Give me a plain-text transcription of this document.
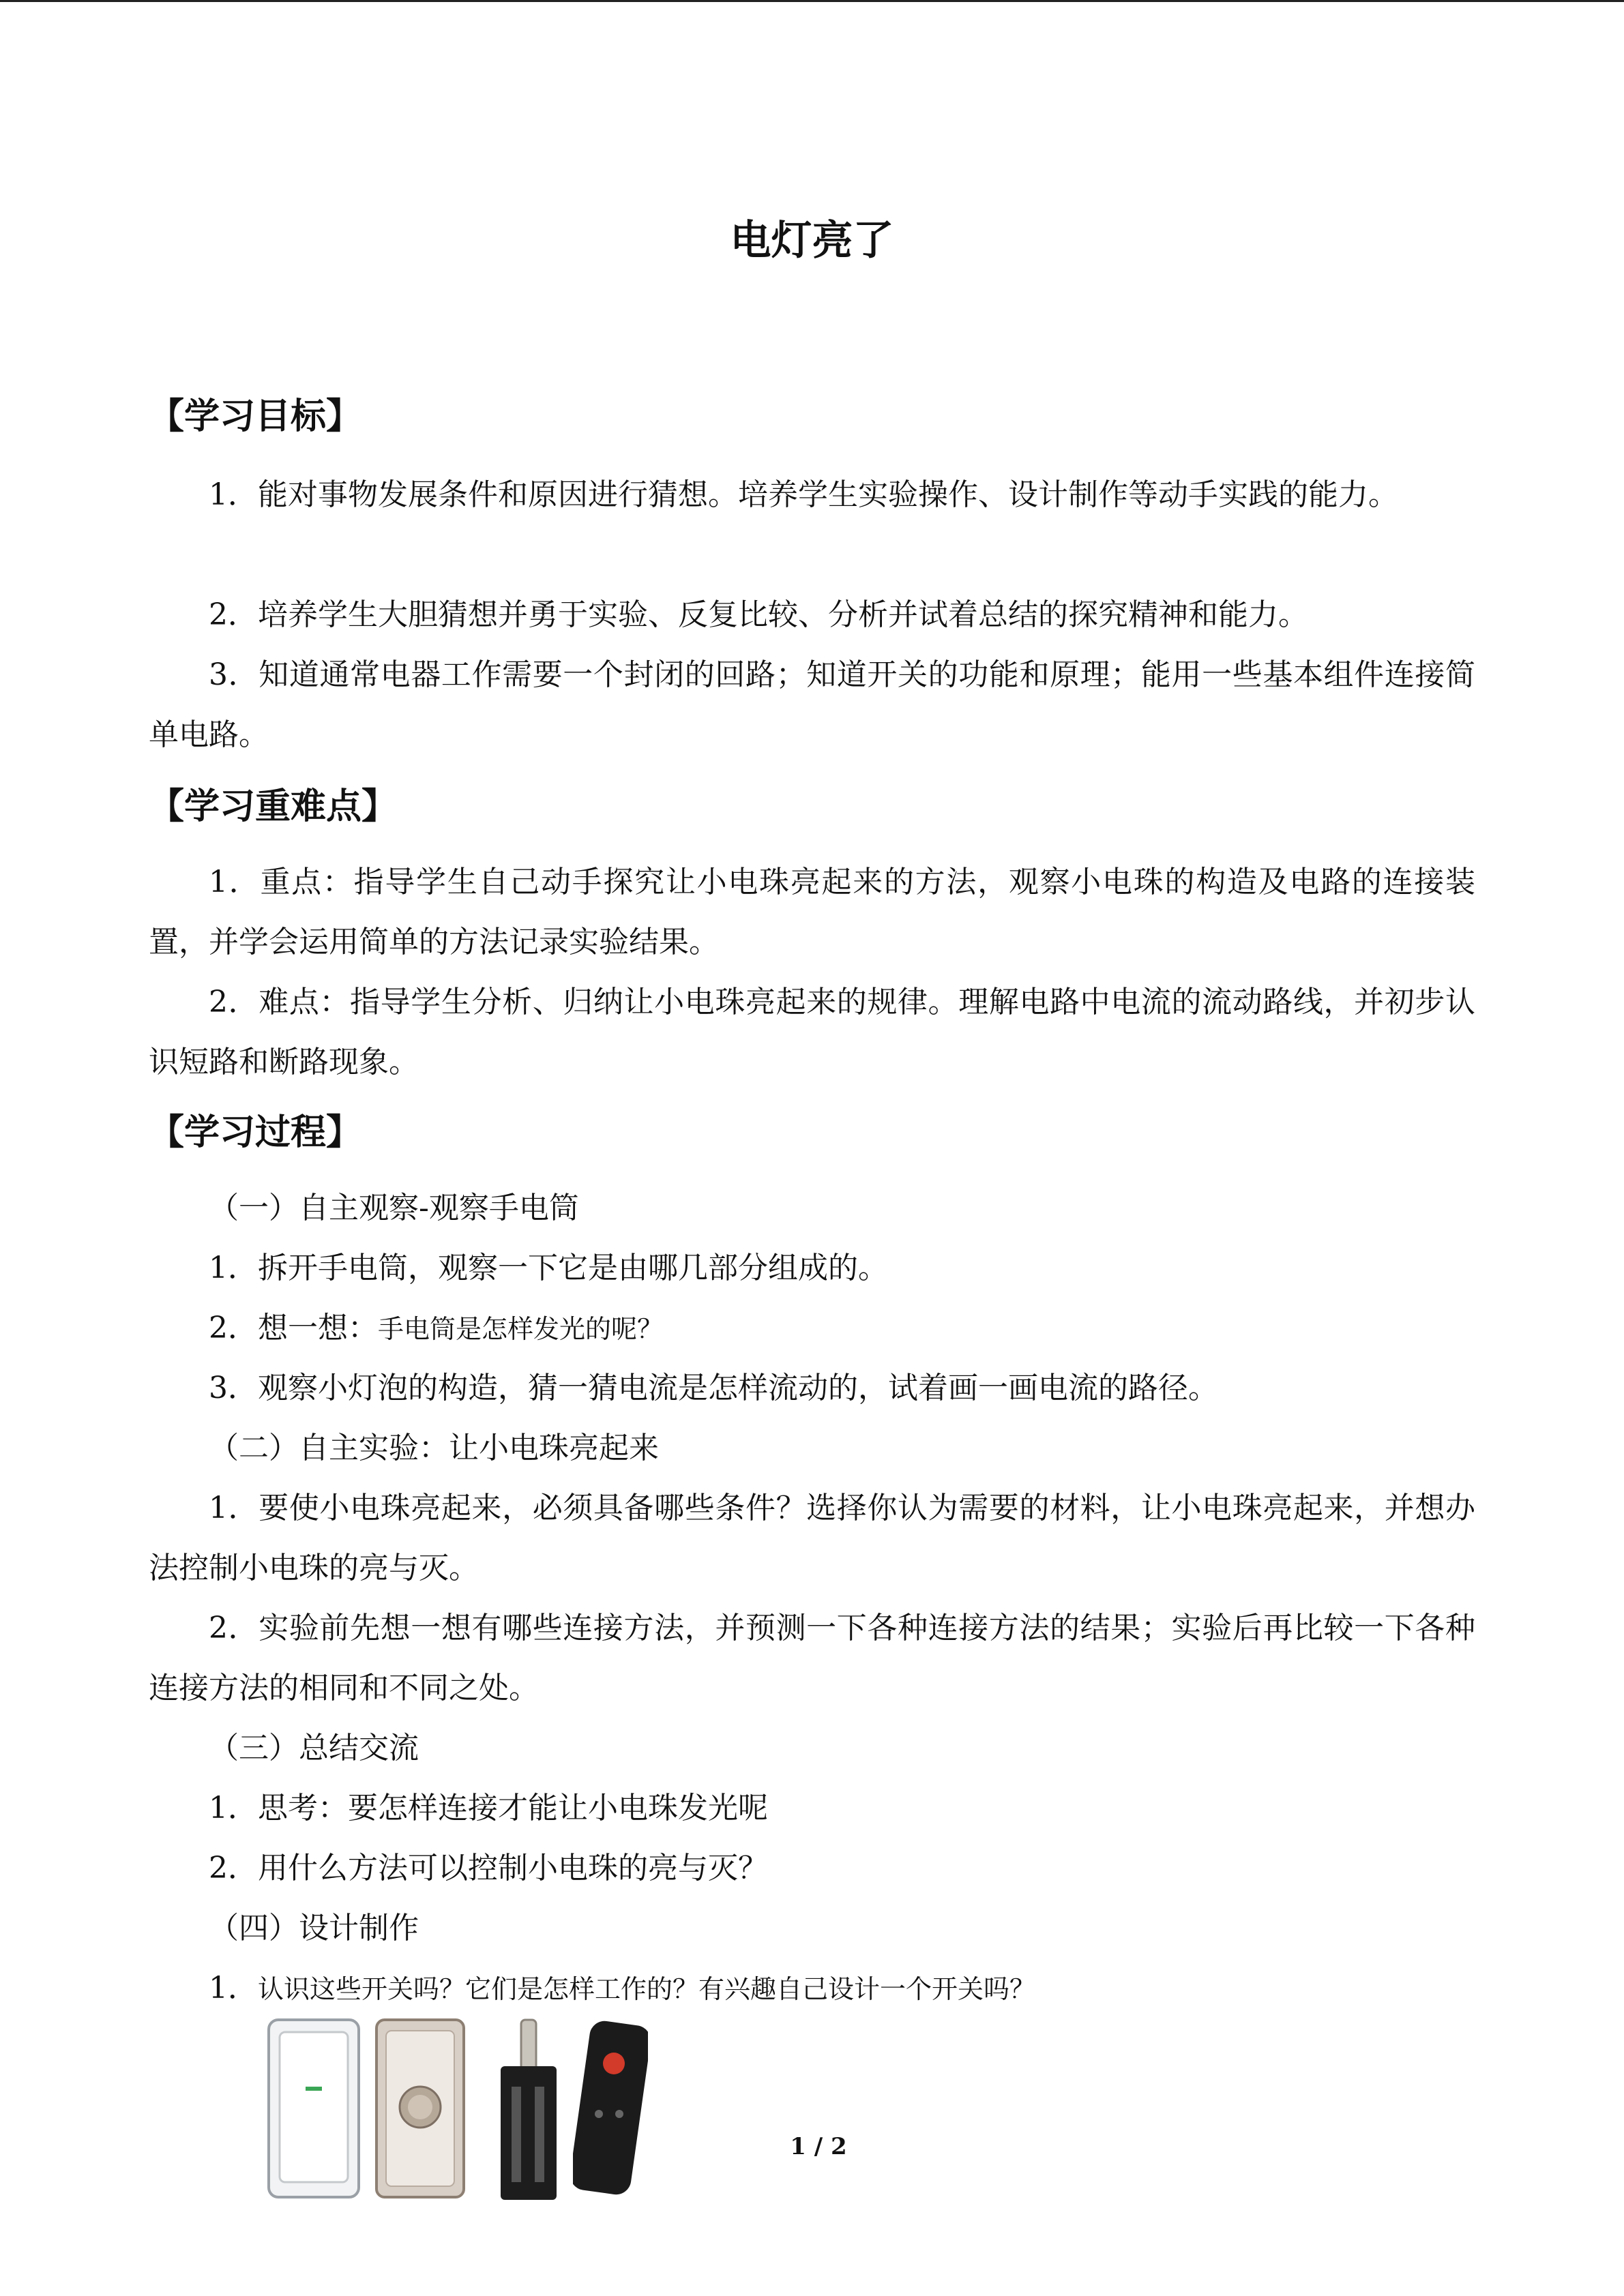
电灯亮了
【学习目标】
1．能对事物发展条件和原因进行猜想。培养学生实验操作、设计制作等动手实践的能力。
2．培养学生大胆猜想并勇于实验、反复比较、分析并试着总结的探究精神和能力。
3．知道通常电器工作需要一个封闭的回路；知道开关的功能和原理；能用一些基本组件连接简单电路。
【学习重难点】
1．重点：指导学生自己动手探究让小电珠亮起来的方法，观察小电珠的构造及电路的连接装置，并学会运用简单的方法记录实验结果。
2．难点：指导学生分析、归纳让小电珠亮起来的规律。理解电路中电流的流动路线，并初步认识短路和断路现象。
【学习过程】
（一）自主观察-观察手电筒
1．拆开手电筒，观察一下它是由哪几部分组成的。
2．想一想：手电筒是怎样发光的呢？
3．观察小灯泡的构造，猜一猜电流是怎样流动的，试着画一画电流的路径。
（二）自主实验：让小电珠亮起来
1．要使小电珠亮起来，必须具备哪些条件？选择你认为需要的材料，让小电珠亮起来，并想办法控制小电珠的亮与灭。
2．实验前先想一想有哪些连接方法，并预测一下各种连接方法的结果；实验后再比较一下各种连接方法的相同和不同之处。
（三）总结交流
1．思考：要怎样连接才能让小电珠发光呢
2．用什么方法可以控制小电珠的亮与灭？
（四）设计制作
1．认识这些开关吗？它们是怎样工作的？有兴趣自己设计一个开关吗？
1 / 2
